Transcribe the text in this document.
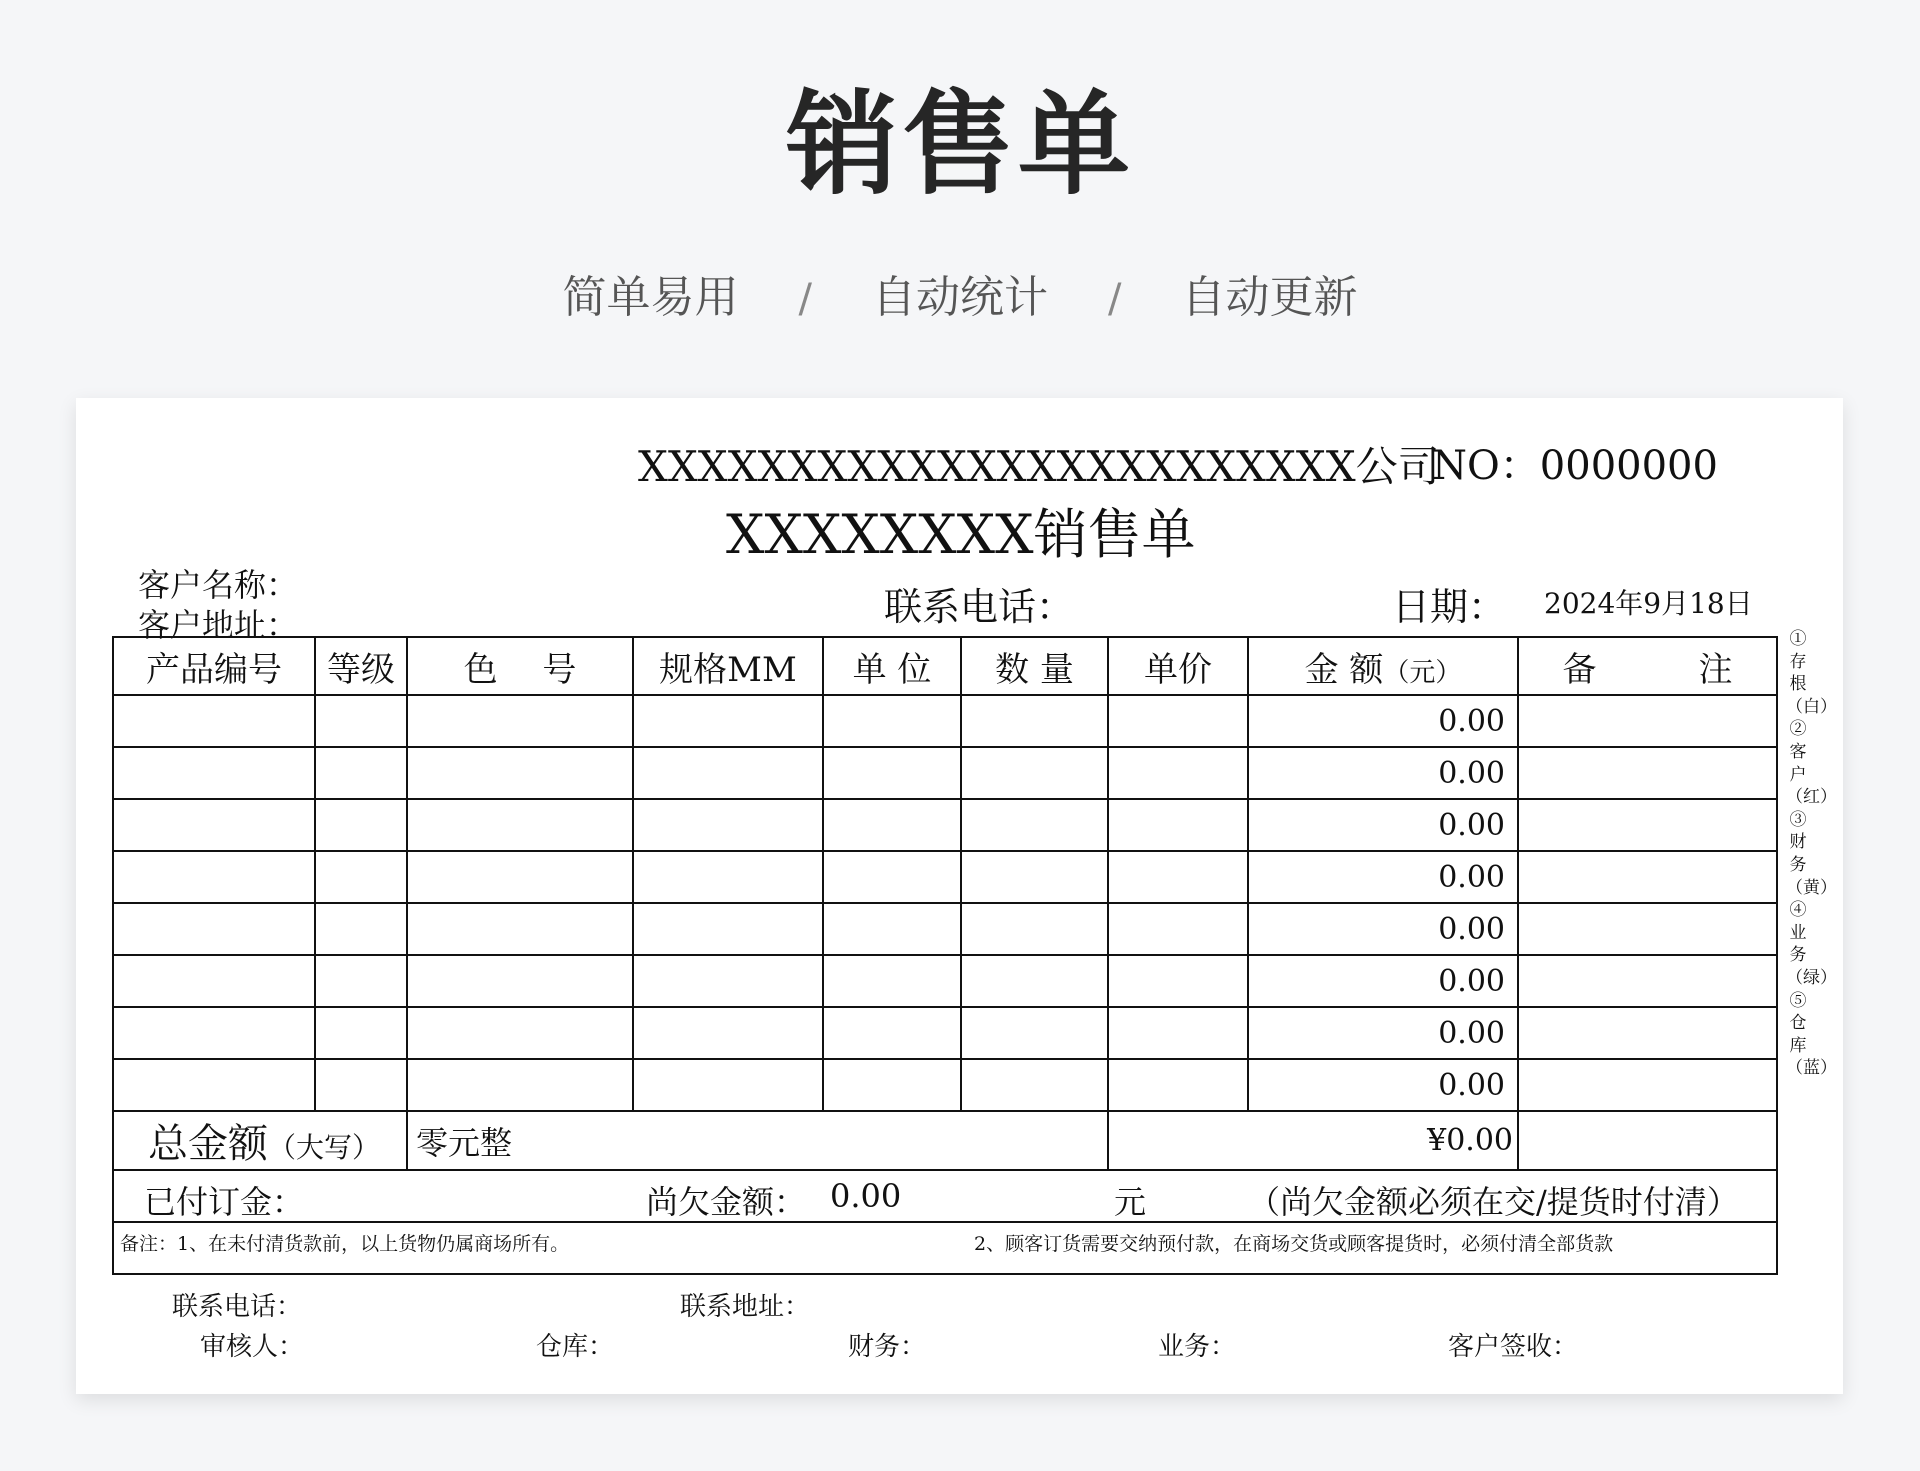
销售单
简单易用 / 自动统计 / 自动更新
XXXXXXXXXXXXXXXXXXXXXXXX公司
NO：0000000
XXXXXXXX销售单
客户名称：
客户地址：	联系电话：	日期： 2024年9月18日
产品编号	等级	色　 号	规格MM	单 位	数 量	单价	金 额（元）	备　　　注
							0.00	
							0.00	
							0.00	
							0.00	
							0.00	
							0.00	
							0.00	
							0.00	
总金额（大写）		零元整				¥0.00		

已付订金： 尚欠金额： 0.00 元 （尚欠金额必须在交/提货时付清）								

备注：1、在未付清货款前，以上货物仍属商场所有。 2、顾客订货需要交纳预付款，在商场交货或顾客提货时，必须付清全部货款								
联系电话：	联系地址：
审核人：	仓库：	财务：	业务：	客户签收：
①存根（白）
②客户（红）
③财务（黄）
④业务（绿）
⑤仓库（蓝）
